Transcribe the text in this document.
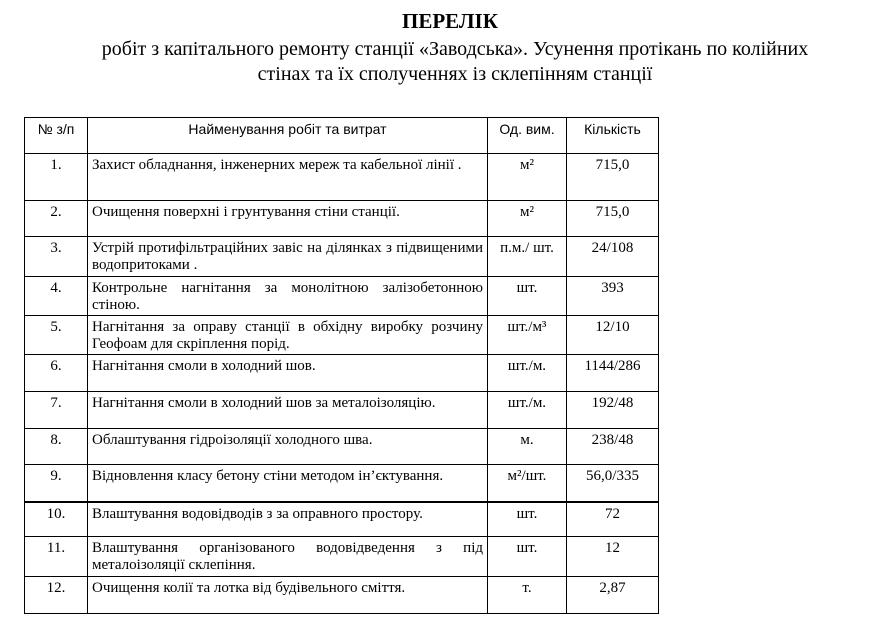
ПЕРЕЛІК
робіт з капітального ремонту станції «Заводська». Усунення протікань по колійних
стінах та їх сполученнях із склепінням станції
№ з/п	Найменування робіт та витрат	Од. вим.	Кількість
1.	Захист обладнання, інженерних мереж та кабельної лінії .	м²	715,0
2.	Очищення поверхні і грунтування стіни станції.	м²	715,0
3.	Устрій протифільтраційних завіс на ділянках з підвищеними водопритоками .	п.м./ шт.	24/108
4.	Контрольне нагнітання за монолітною залізобетонною стіною.	шт.	393
5.	Нагнітання за оправу станції в обхідну виробку розчину Геофоам для скріплення порід.	шт./м³	12/10
6.	Нагнітання смоли в холодний шов.	шт./м.	1144/286
7.	Нагнітання смоли в холодний шов за металоізоляцію.	шт./м.	192/48
8.	Облаштування гідроізоляції холодного шва.	м.	238/48
9.	Відновлення класу бетону стіни методом ін’єктування.	м²/шт.	56,0/335
10.	Влаштування водовідводів з за оправного простору.	шт.	72
11.	Влаштування організованого водовідведення з під металоізоляції склепіння.	шт.	12
12.	Очищення колії та лотка від будівельного сміття.	т.	2,87
